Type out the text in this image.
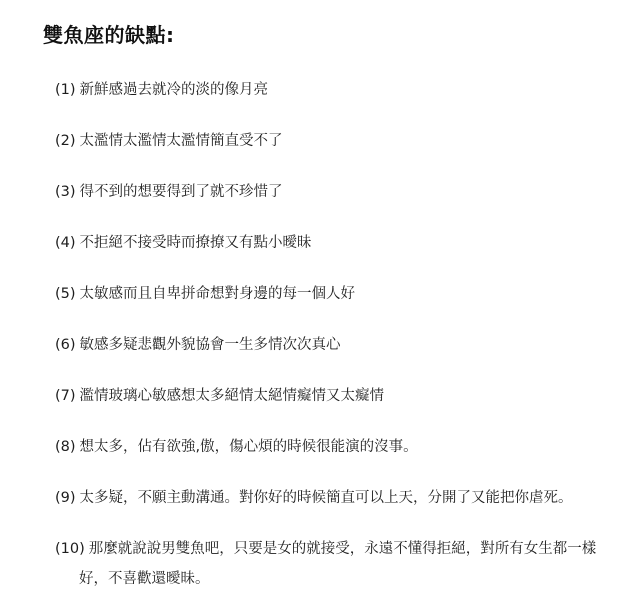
雙魚座的缺點:
(1) 新鮮感過去就冷的淡的像月亮
(2) 太濫情太濫情太濫情簡直受不了
(3) 得不到的想要得到了就不珍惜了
(4) 不拒絕不接受時而撩撩又有點小曖昧
(5) 太敏感而且自卑拼命想對身邊的每一個人好
(6) 敏感多疑悲觀外貌協會一生多情次次真心
(7) 濫情玻璃心敏感想太多絕情太絕情癡情又太癡情
(8) 想太多，佔有欲強,傲，傷心煩的時候很能演的沒事。
(9) 太多疑，不願主動溝通。對你好的時候簡直可以上天，分開了又能把你虐死。
(10) 那麼就說說男雙魚吧，只要是女的就接受，永遠不懂得拒絕，對所有女生都一樣
好，不喜歡還曖昧。
